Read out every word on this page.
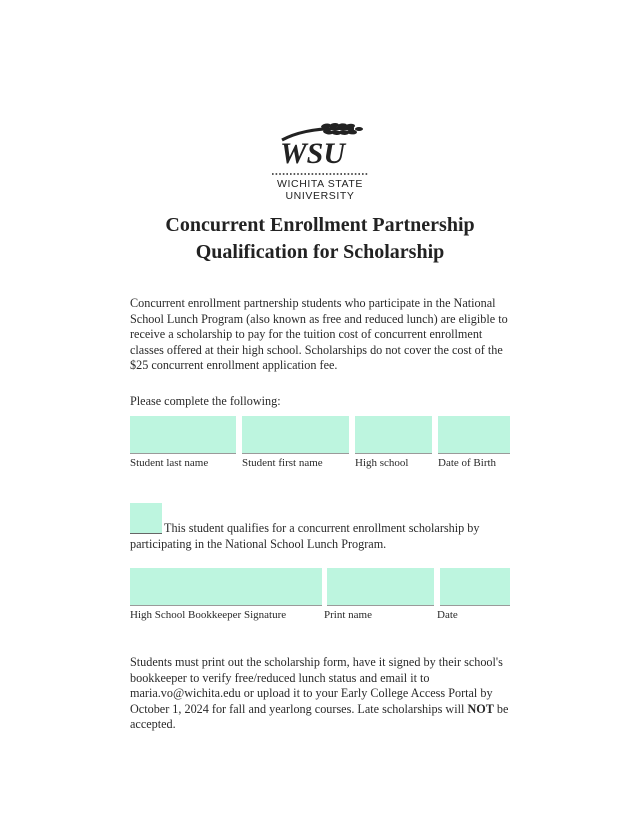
WSU
WICHITA STATE
UNIVERSITY
Concurrent Enrollment Partnership
Qualification for Scholarship
Concurrent enrollment partnership students who participate in the National School Lunch Program (also known as free and reduced lunch) are eligible to receive a scholarship to pay for the tuition cost of concurrent enrollment classes offered at their high school. Scholarships do not cover the cost of the $25 concurrent enrollment application fee.
Please complete the following:
Student last name	Student first name	High school	Date of Birth
This student qualifies for a concurrent enrollment scholarship by participating in the National School Lunch Program.
High School Bookkeeper Signature	Print name	Date
Students must print out the scholarship form, have it signed by their school's bookkeeper to verify free/reduced lunch status and email it to maria.vo@wichita.edu or upload it to your Early College Access Portal by October 1, 2024 for fall and yearlong courses. Late scholarships will NOT be accepted.
